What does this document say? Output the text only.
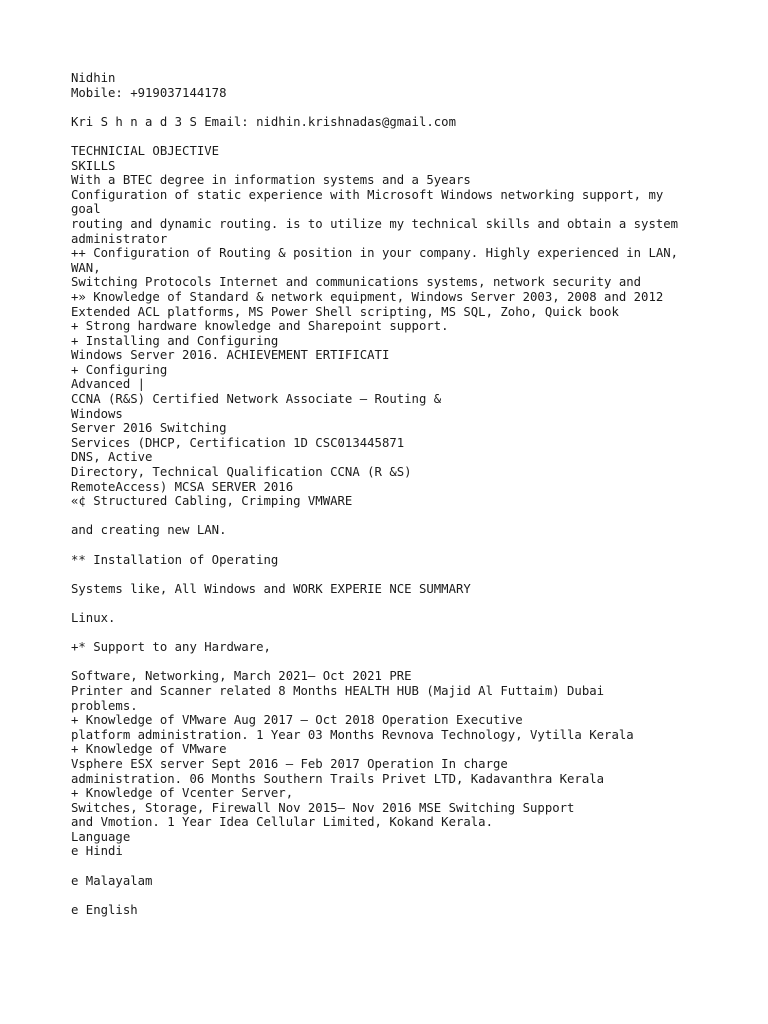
Nidhin
Mobile: +919037144178
Kri S h n a d 3 S Email: nidhin.krishnadas@gmail.com
TECHNICIAL OBJECTIVE
SKILLS
With a BTEC degree in information systems and a 5years
Configuration of static experience with Microsoft Windows networking support, my
goal
routing and dynamic routing. is to utilize my technical skills and obtain a system
administrator
++ Configuration of Routing & position in your company. Highly experienced in LAN,
WAN,
Switching Protocols Internet and communications systems, network security and
+» Knowledge of Standard & network equipment, Windows Server 2003, 2008 and 2012
Extended ACL platforms, MS Power Shell scripting, MS SQL, Zoho, Quick book
+ Strong hardware knowledge and Sharepoint support.
+ Installing and Configuring
Windows Server 2016. ACHIEVEMENT ERTIFICATI
+ Configuring
Advanced |
CCNA (R&S) Certified Network Associate — Routing &
Windows
Server 2016 Switching
Services (DHCP, Certification 1D CSC013445871
DNS, Active
Directory, Technical Qualification CCNA (R &S)
RemoteAccess) MCSA SERVER 2016
«¢ Structured Cabling, Crimping VMWARE
and creating new LAN.
** Installation of Operating
Systems like, All Windows and WORK EXPERIE NCE SUMMARY
Linux.
+* Support to any Hardware,
Software, Networking, March 2021— Oct 2021 PRE
Printer and Scanner related 8 Months HEALTH HUB (Majid Al Futtaim) Dubai
problems.
+ Knowledge of VMware Aug 2017 — Oct 2018 Operation Executive
platform administration. 1 Year 03 Months Revnova Technology, Vytilla Kerala
+ Knowledge of VMware
Vsphere ESX server Sept 2016 — Feb 2017 Operation In charge
administration. 06 Months Southern Trails Privet LTD, Kadavanthra Kerala
+ Knowledge of Vcenter Server,
Switches, Storage, Firewall Nov 2015— Nov 2016 MSE Switching Support
and Vmotion. 1 Year Idea Cellular Limited, Kokand Kerala.
Language
e Hindi
e Malayalam
e English
